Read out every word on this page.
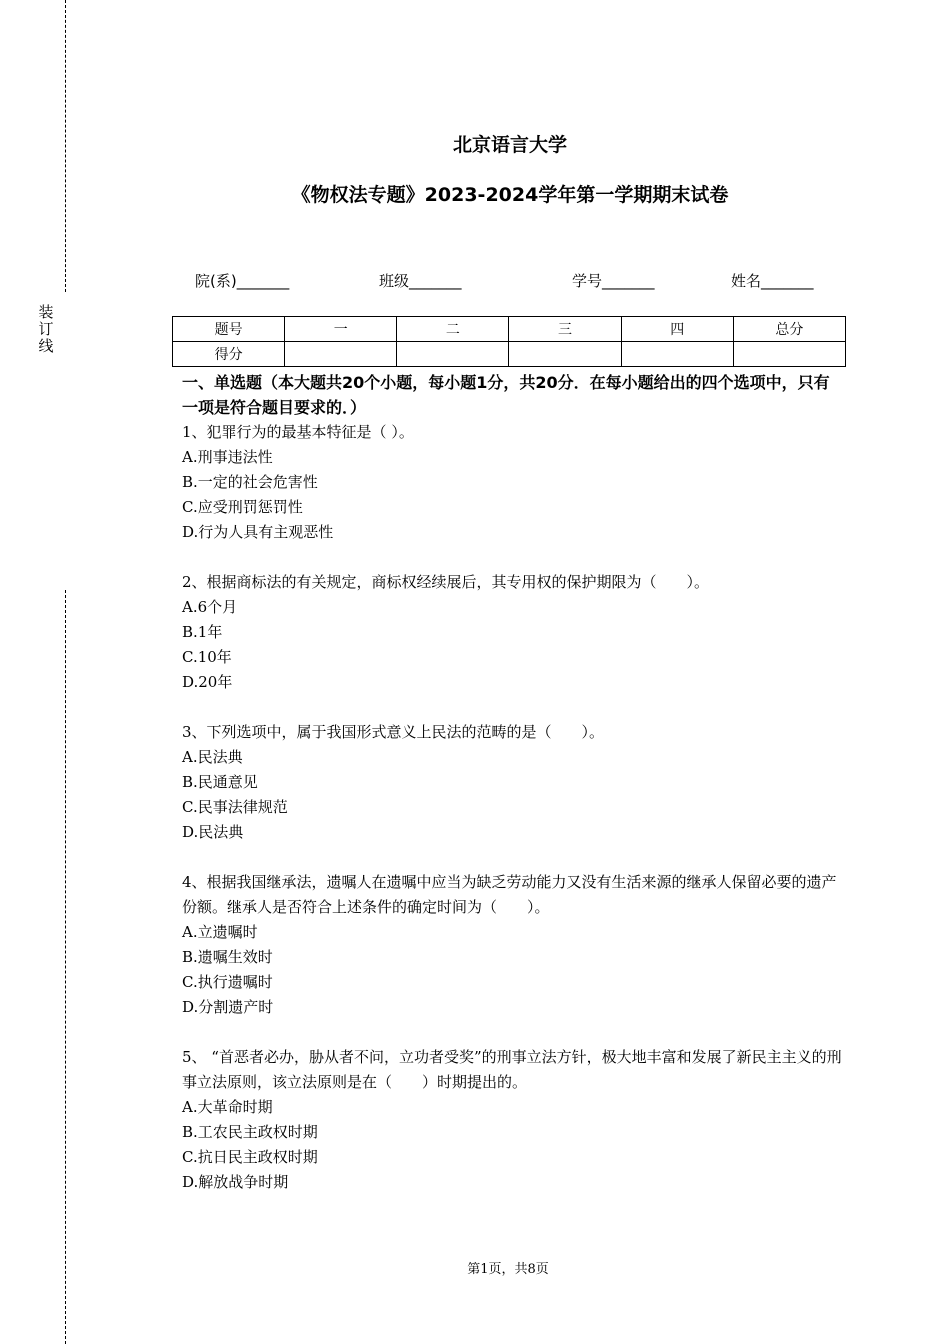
装
订
线
北京语言大学
《物权法专题》2023-2024学年第一学期期末试卷
院(系)_______	班级_______	学号_______	姓名_______
题号	一	二	三	四	总分
得分					

一、单选题（本大题共20个小题，每小题1分，共20分．在每小题给出的四个选项中，只有一项是符合题目要求的．）

1、犯罪行为的最基本特征是（ ）。

A.刑事违法性

B.一定的社会危害性

C.应受刑罚惩罚性

D.行为人具有主观恶性

2、根据商标法的有关规定，商标权经续展后，其专用权的保护期限为（　　）。

A.6个月

B.1年

C.10年

D.20年

3、下列选项中，属于我国形式意义上民法的范畴的是（　　）。

A.民法典

B.民通意见

C.民事法律规范

D.民法典

4、根据我国继承法，遗嘱人在遗嘱中应当为缺乏劳动能力又没有生活来源的继承人保留必要的遗产份额。继承人是否符合上述条件的确定时间为（　　）。

A.立遗嘱时

B.遗嘱生效时

C.执行遗嘱时

D.分割遗产时

5、 “首恶者必办，胁从者不问，立功者受奖”的刑事立法方针，极大地丰富和发展了新民主主义的刑事立法原则，该立法原则是在（　　）时期提出的。

A.大革命时期

B.工农民主政权时期

C.抗日民主政权时期

D.解放战争时期

第1页，共8页
